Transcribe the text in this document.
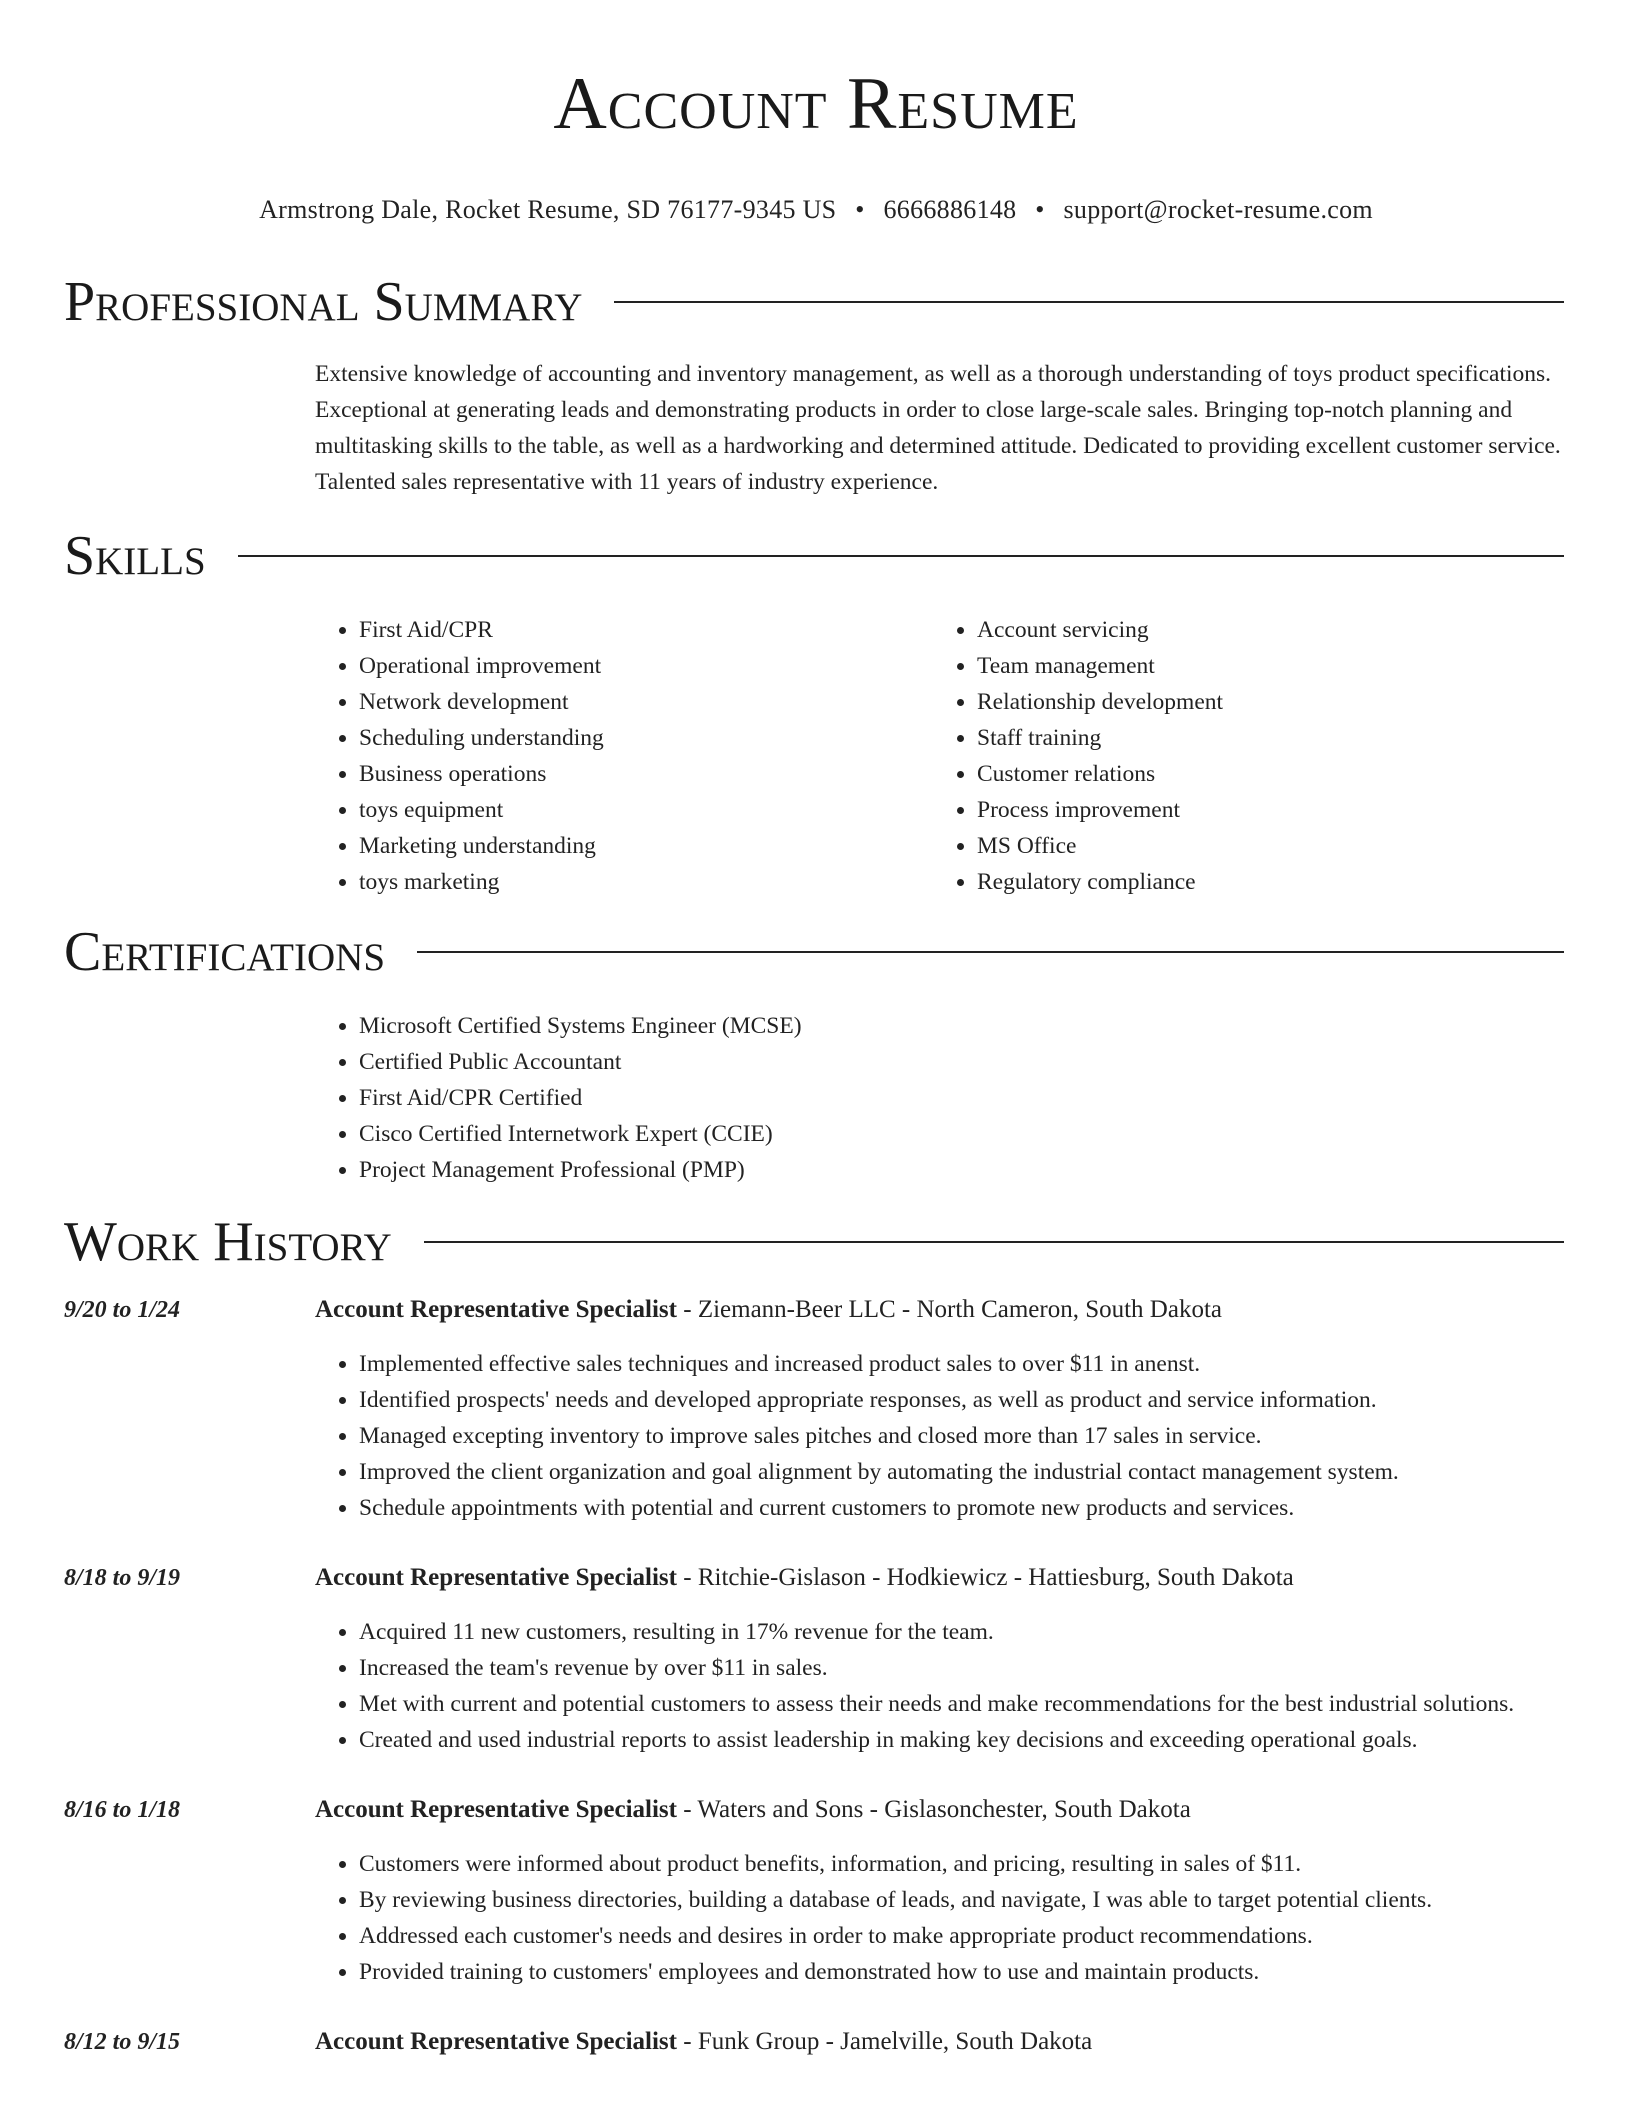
Account Resume
Armstrong Dale, Rocket Resume, SD 76177-9345 US • 6666886148 • support@rocket-resume.com
Professional Summary
Extensive knowledge of accounting and inventory management, as well as a thorough understanding of toys product specifications. Exceptional at generating leads and demonstrating products in order to close large-scale sales. Bringing top-notch planning and multitasking skills to the table, as well as a hardworking and determined attitude. Dedicated to providing excellent customer service. Talented sales representative with 11 years of industry experience.
Skills
• First Aid/CPR
• Operational improvement
• Network development
• Scheduling understanding
• Business operations
• toys equipment
• Marketing understanding
• toys marketing
• Account servicing
• Team management
• Relationship development
• Staff training
• Customer relations
• Process improvement
• MS Office
• Regulatory compliance
Certifications
• Microsoft Certified Systems Engineer (MCSE)
• Certified Public Accountant
• First Aid/CPR Certified
• Cisco Certified Internetwork Expert (CCIE)
• Project Management Professional (PMP)
Work History
9/20 to 1/24	Account Representative Specialist - Ziemann-Beer LLC - North Cameron, South Dakota
• Implemented effective sales techniques and increased product sales to over $11 in anenst.
• Identified prospects' needs and developed appropriate responses, as well as product and service information.
• Managed excepting inventory to improve sales pitches and closed more than 17 sales in service.
• Improved the client organization and goal alignment by automating the industrial contact management system.
• Schedule appointments with potential and current customers to promote new products and services.
8/18 to 9/19	Account Representative Specialist - Ritchie-Gislason - Hodkiewicz - Hattiesburg, South Dakota
• Acquired 11 new customers, resulting in 17% revenue for the team.
• Increased the team's revenue by over $11 in sales.
• Met with current and potential customers to assess their needs and make recommendations for the best industrial solutions.
• Created and used industrial reports to assist leadership in making key decisions and exceeding operational goals.
8/16 to 1/18	Account Representative Specialist - Waters and Sons - Gislasonchester, South Dakota
• Customers were informed about product benefits, information, and pricing, resulting in sales of $11.
• By reviewing business directories, building a database of leads, and navigate, I was able to target potential clients.
• Addressed each customer's needs and desires in order to make appropriate product recommendations.
• Provided training to customers' employees and demonstrated how to use and maintain products.
8/12 to 9/15	Account Representative Specialist - Funk Group - Jamelville, South Dakota
